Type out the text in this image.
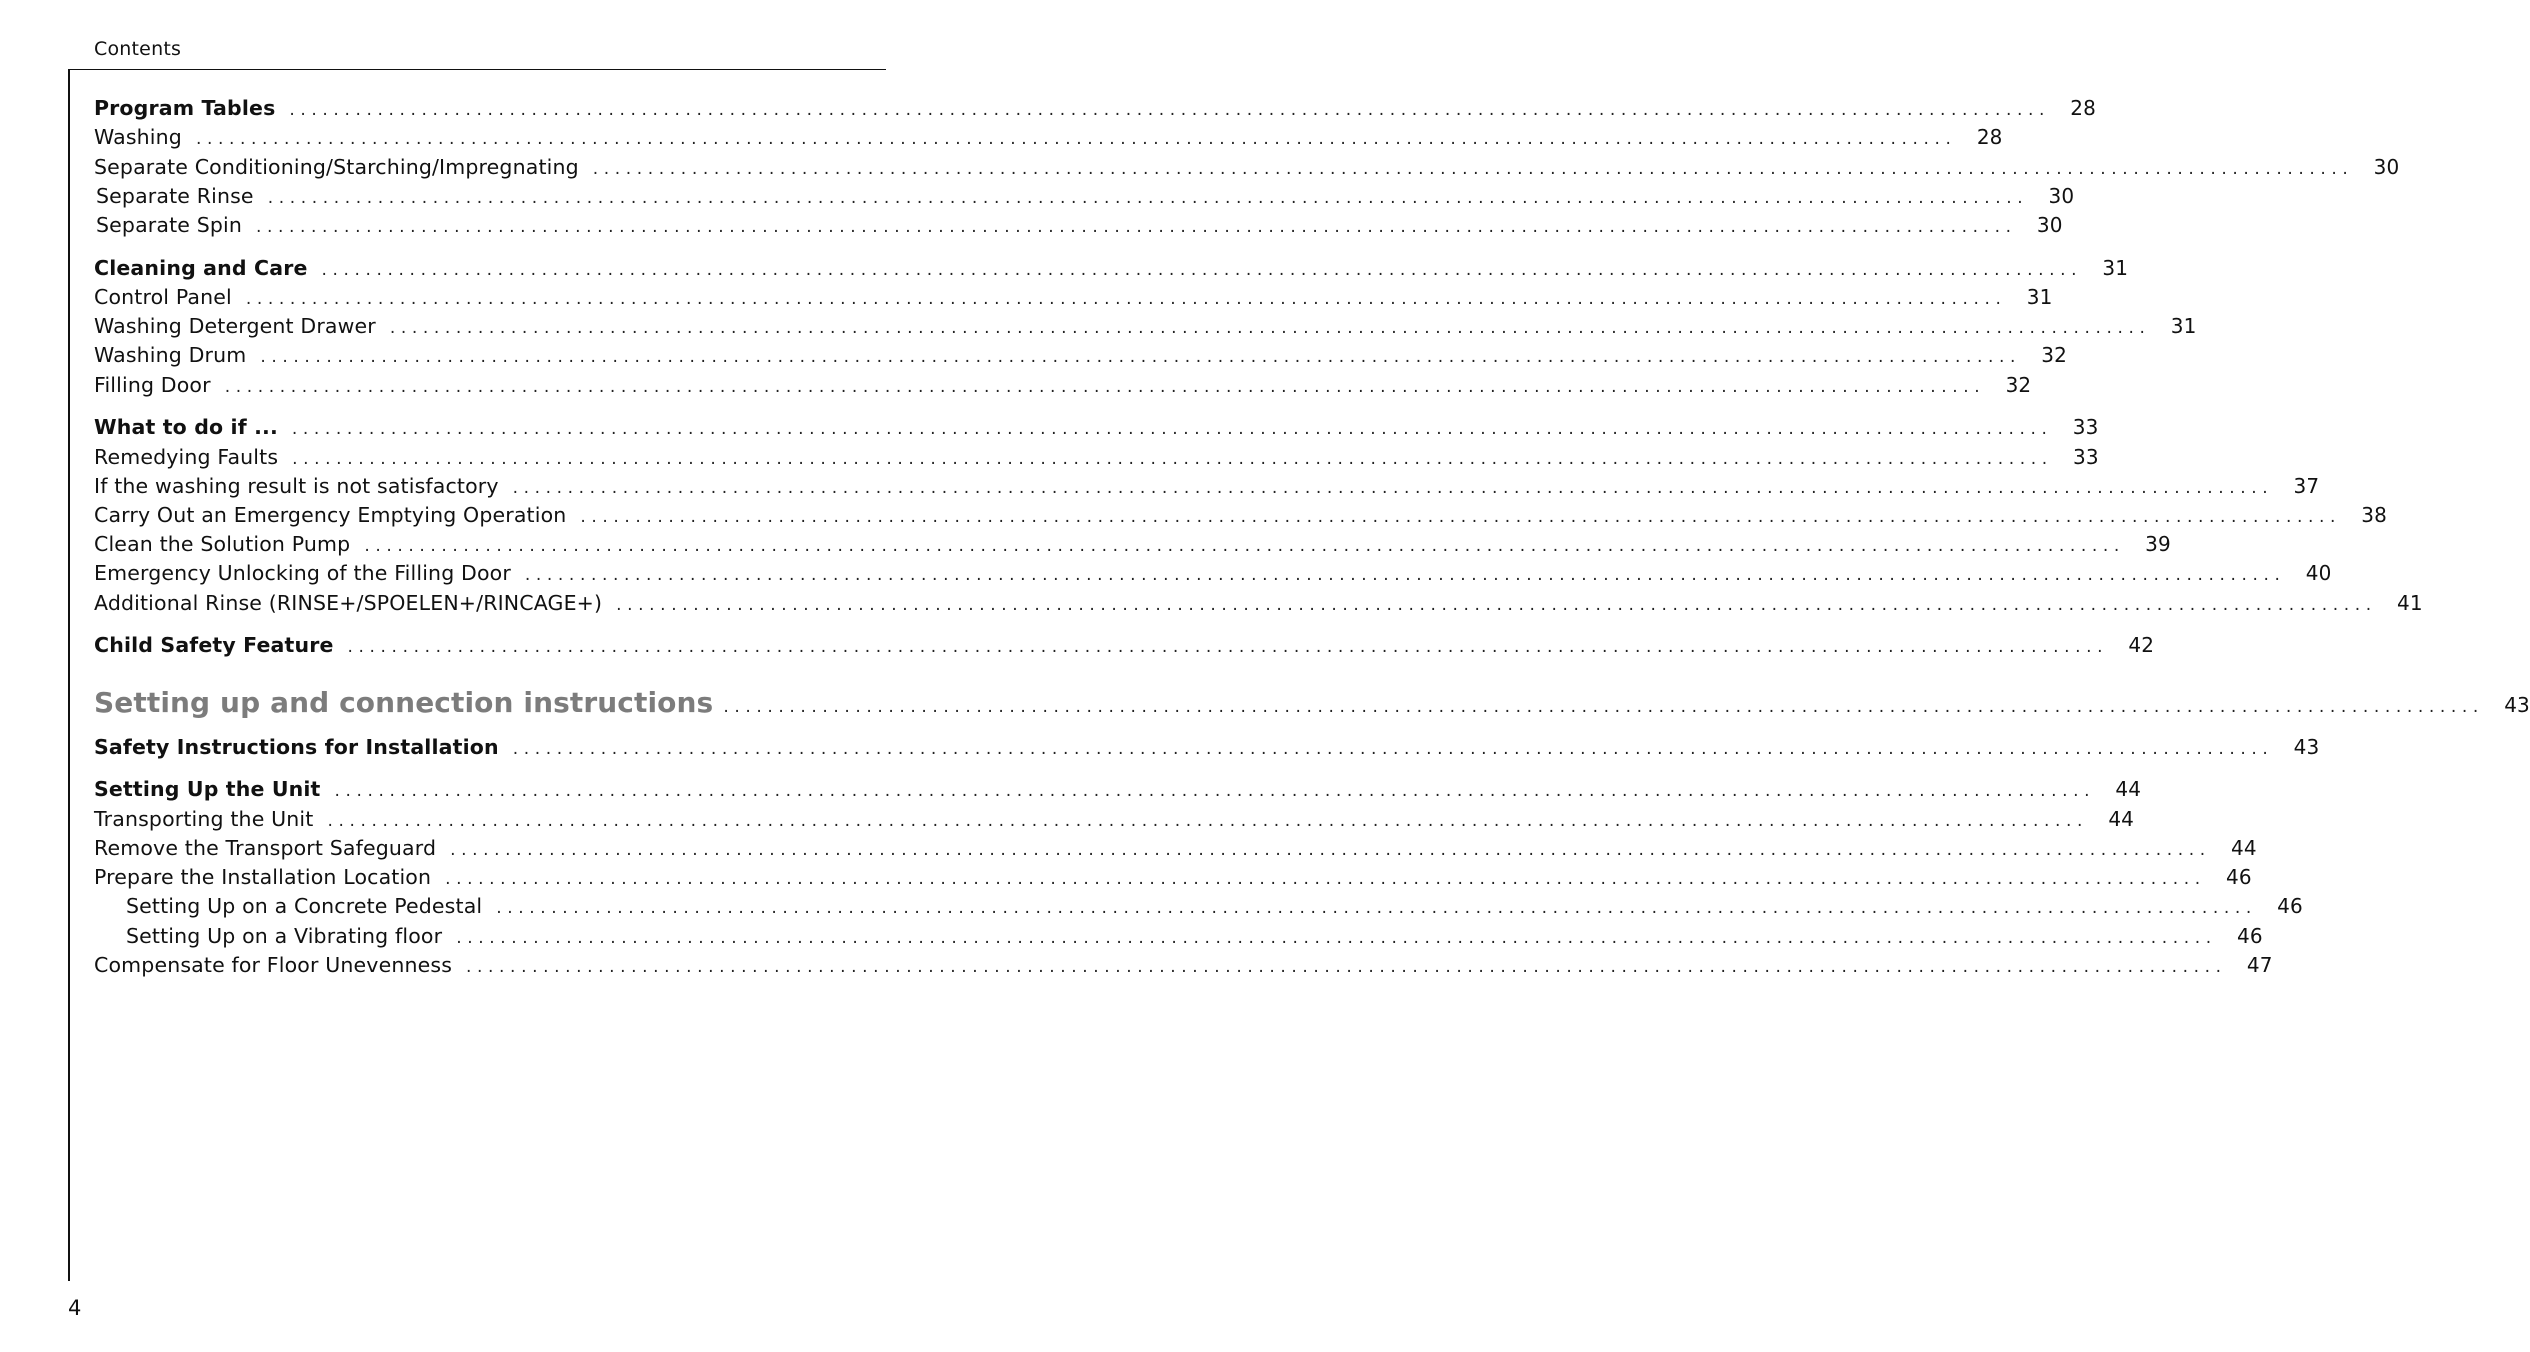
Contents
Program Tables ................................................................................................................................................................ 28
Washing ................................................................................................................................................................ 28
Separate Conditioning/Starching/Impregnating ................................................................................................................................................................ 30
Separate Rinse ................................................................................................................................................................ 30
Separate Spin ................................................................................................................................................................ 30
Cleaning and Care ................................................................................................................................................................ 31
Control Panel ................................................................................................................................................................ 31
Washing Detergent Drawer ................................................................................................................................................................ 31
Washing Drum ................................................................................................................................................................ 32
Filling Door ................................................................................................................................................................ 32
What to do if ... ................................................................................................................................................................ 33
Remedying Faults ................................................................................................................................................................ 33
If the washing result is not satisfactory ................................................................................................................................................................ 37
Carry Out an Emergency Emptying Operation ................................................................................................................................................................ 38
Clean the Solution Pump ................................................................................................................................................................ 39
Emergency Unlocking of the Filling Door ................................................................................................................................................................ 40
Additional Rinse (RINSE+/SPOELEN+/RINCAGE+) ................................................................................................................................................................ 41
Child Safety Feature ................................................................................................................................................................ 42
Setting up and connection instructions ................................................................................................................................................................ 43
Safety Instructions for Installation ................................................................................................................................................................ 43
Setting Up the Unit ................................................................................................................................................................ 44
Transporting the Unit ................................................................................................................................................................ 44
Remove the Transport Safeguard ................................................................................................................................................................ 44
Prepare the Installation Location ................................................................................................................................................................ 46
Setting Up on a Concrete Pedestal ................................................................................................................................................................ 46
Setting Up on a Vibrating floor ................................................................................................................................................................ 46
Compensate for Floor Unevenness ................................................................................................................................................................ 47
4
